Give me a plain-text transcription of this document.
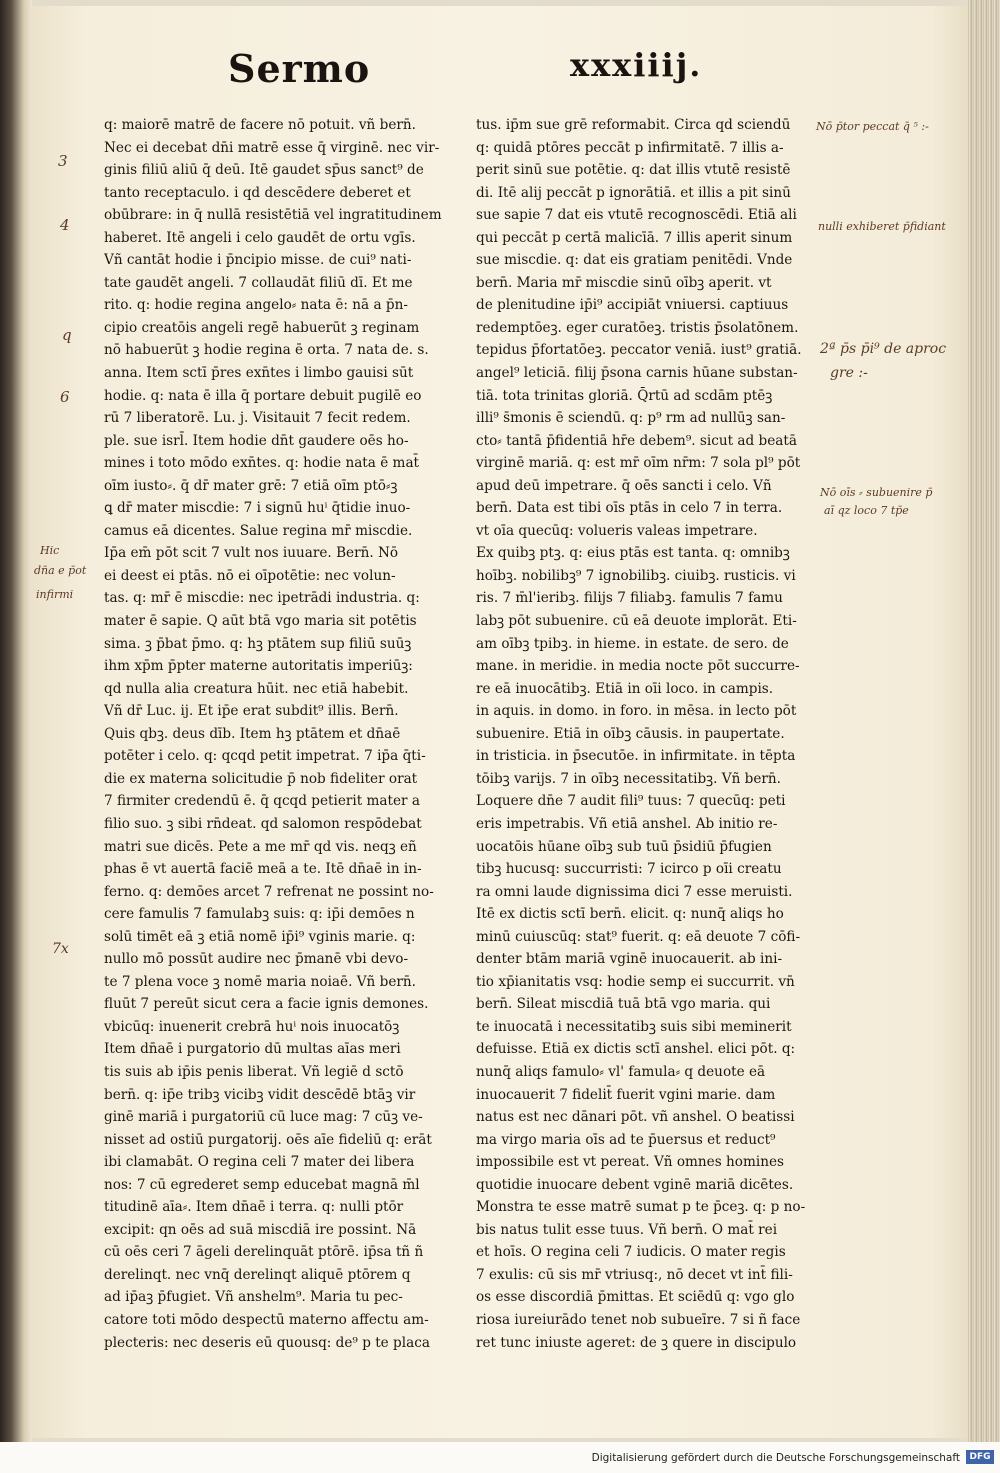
Sermo	xxxiiij.
q: maiorē matrē de facere nō potuit. vñ bern̄.
Nec ei decebat dn̄i matrē esse q̄ virginē. nec vir-
ginis filiū aliū q̄ deū. Itē gaudet sp̄us sanct⁹ de
tanto receptaculo. i qd descēdere deberet et
obūbrare: in q̄ nullā resistētiā vel ingratitudinem
haberet. Itē angeli i celo gaudēt de ortu vgīs.
Vñ cantāt hodie i p̄ncipio misse. de cui⁹ nati-
tate gaudēt angeli. 7 collaudāt filiū dī. Et me
rito. q: hodie regina angelo⸗ nata ē: nā a p̄n-
cipio creatōis angeli regē habuerūt ꝫ reginam
nō habuerūt ꝫ hodie regina ē orta. 7 nata de. s.
anna. Item sctī p̄res exn̄tes i limbo gauisi sūt
hodie. q: nata ē illa q̄ portare debuit pugilē eo
rū 7 liberatorē. Lu. j. Visitauit 7 fecit redem.
ple. sue isrl̄. Item hodie dn̄t gaudere oēs ho-
mines i toto mōdo exn̄tes. q: hodie nata ē mat̄
oīm iusto⸗. q̄ dr̄ mater grē: 7 etiā oīm ptō⸗ꝫ
ꝗ dr̄ mater miscdie: 7 i signū huⁱ q̄tidie inuo-
camus eā dicentes. Salue regina mr̄ miscdie.
Ip̄a em̄ pōt scit 7 vult nos iuuare. Bern̄. Nō
ei deest ei ptās. nō ei oīpotētie: nec volun-
tas. q: mr̄ ē miscdie: nec ipetrādi industria. q:
mater ē sapie. Q aūt btā vgo maria sit potētis
sima. ꝫ p̄bat p̄mo. q: hꝫ ptātem sup filiū suūꝫ
ihm xp̄m p̄pter materne autoritatis imperiūꝫ:
qd nulla alia creatura hūit. nec etiā habebit.
Vñ dr̄ Luc. ij. Et ip̄e erat subdit⁹ illis. Bern̄.
Quis qbꝫ. deus dīb. Item hꝫ ptātem et dn̄aē
potēter i celo. q: qcqd petit impetrat. 7 ip̄a q̄ti-
die ex materna solicitudie p̄ nob fideliter orat
7 firmiter credendū ē. q̄ qcqd petierit mater a
filio suo. ꝫ sibi rn̄deat. qd salomon respōdebat
matri sue dicēs. Pete a me mr̄ qd vis. neqꝫ eñ
phas ē vt auertā faciē meā a te. Itē dn̄aē in in-
ferno. q: demōes arcet 7 refrenat ne possint no-
cere famulis 7 famulabꝫ suis: q: ip̄i demōes n
solū timēt eā ꝫ etiā nomē ip̄i⁹ vginis marie. q:
nullo mō possūt audire nec p̄manē vbi devo-
te 7 plena voce ꝫ nomē maria noiaē. Vñ bern̄.
fluūt 7 pereūt sicut cera a facie ignis demones.
vbicūq: inuenerit crebrā huⁱ nois inuocatōꝫ
Item dn̄aē i purgatorio dū multas aīas meri
tis suis ab ip̄is penis liberat. Vñ legiē d sctō
bern̄. q: ip̄e tribꝫ vicibꝫ vidit descēdē btāꝫ vir
ginē mariā i purgatoriū cū luce mag: 7 cūꝫ ve-
nisset ad ostiū purgatorij. oēs aīe fideliū q: erāt
ibi clamabāt. O regina celi 7 mater dei libera
nos: 7 cū egrederet semp educebat magnā m̄l
titudinē aīa⸗. Item dn̄aē i terra. q: nulli ptōr
excipit: qn oēs ad suā miscdiā ire possint. Nā
cū oēs ceri 7 āgeli derelinquāt ptōrē. ip̄sa tñ ñ
derelinqt. nec vnq̄ derelinqt aliquē ptōrem q
ad ip̄aꝫ p̄fugiet. Vñ anshelm⁹. Maria tu pec-
catore toti mōdo despectū materno affectu am-
plecteris: nec deseris eū quousq: de⁹ p te placa
tus. ip̄m sue grē reformabit. Circa qd sciendū
q: quidā ptōres peccāt p infirmitatē. 7 illis a-
perit sinū sue potētie. q: dat illis vtutē resistē
di. Itē alij peccāt p ignorātiā. et illis a pit sinū
sue sapie 7 dat eis vtutē recognoscēdi. Etiā ali
qui peccāt p certā malicīā. 7 illis aperit sinum
sue miscdie. q: dat eis gratiam penitēdi. Vnde
bern̄. Maria mr̄ miscdie sinū oībꝫ aperit. vt
de plenitudine ip̄i⁹ accipiāt vniuersi. captiuus
redemptōeꝫ. eger curatōeꝫ. tristis p̄solatōnem.
tepidus p̄fortatōeꝫ. peccator veniā. iust⁹ gratiā.
angel⁹ leticiā. filij p̄sona carnis hūane substan-
tiā. tota trinitas gloriā. Q̄rtū ad scdām ptēꝫ
illi⁹ s̄monis ē sciendū. q: p⁹ rm ad nullūꝫ san-
cto⸗ tantā p̄fidentiā hr̄e debem⁹. sicut ad beatā
virginē mariā. q: est mr̄ oīm nr̄m: 7 sola pl⁹ pōt
apud deū impetrare. q̄ oēs sancti i celo. Vñ
bern̄. Data est tibi oīs ptās in celo 7 in terra.
vt oīa quecūq: volueris valeas impetrare.
Ex quibꝫ ptꝫ. q: eius ptās est tanta. q: omnibꝫ
hoībꝫ. nobilibꝫ⁹ 7 ignobilibꝫ. ciuibꝫ. rusticis. vi
ris. 7 m̄l'ieribꝫ. filijs 7 filiabꝫ. famulis 7 famu
labꝫ pōt subuenire. cū eā deuote implorāt. Eti-
am oībꝫ tpibꝫ. in hieme. in estate. de sero. de
mane. in meridie. in media nocte pōt succurre-
re eā inuocātibꝫ. Etiā in oīi loco. in campis.
in aquis. in domo. in foro. in mēsa. in lecto pōt
subuenire. Etiā in oībꝫ cāusis. in paupertate.
in tristicia. in p̄secutōe. in infirmitate. in tēpta
tōibꝫ varijs. 7 in oībꝫ necessitatibꝫ. Vñ bern̄.
Loquere dn̄e 7 audit fili⁹ tuus: 7 quecūq: peti
eris impetrabis. Vñ etiā anshel. Ab initio re-
uocatōis hūane oībꝫ sub tuū p̄sidiū p̄fugien
tibꝫ hucusq: succurristi: 7 icirco p oīi creatu
ra omni laude dignissima dici 7 esse meruisti.
Itē ex dictis sctī bern̄. elicit. q: nunq̄ aliqs ho
minū cuiuscūq: stat⁹ fuerit. q: eā deuote 7 cōfi-
denter btām mariā vginē inuocauerit. ab ini-
tio xp̄ianitatis vsq: hodie semp ei succurrit. vn̄
bern̄. Sileat miscdiā tuā btā vgo maria. qui
te inuocatā i necessitatibꝫ suis sibi meminerit
defuisse. Etiā ex dictis sctī anshel. elici pōt. q:
nunq̄ aliqs famulo⸗ vl' famula⸗ q deuote eā
inuocauerit 7 fidelit̄ fuerit vgini marie. dam
natus est nec dānari pōt. vñ anshel. O beatissi
ma virgo maria oīs ad te p̄uersus et reduct⁹
impossibile est vt pereat. Vñ omnes homines
quotidie inuocare debent vginē mariā dicētes.
Monstra te esse matrē sumat p te p̄ceꝫ. q: p no-
bis natus tulit esse tuus. Vñ bern̄. O mat̄ rei
et hoīs. O regina celi 7 iudicis. O mater regis
7 exulis: cū sis mr̄ vtriusq:, nō decet vt int̄ fili-
os esse discordiā p̄mittas. Et sciēdū q: vgo glo
riosa iureiurādo tenet nob subueīre. 7 si ñ face
ret tunc iniuste ageret: de ꝫ quere in discipulo
3
4
q
6
Hic
dn̄a e p̄ot
infirmi
7x
Nō p̄tor peccat q̄ ⁵ :-
nulli exhiberet p̄fidiant
2ª p̄s p̄i⁹ de aproc
gre :-
Nō oīs ⸗ subuenire p̄
aī qz loco 7 tp̄e
Digitalisierung gefördert durch die Deutsche Forschungsgemeinschaft	DFG
